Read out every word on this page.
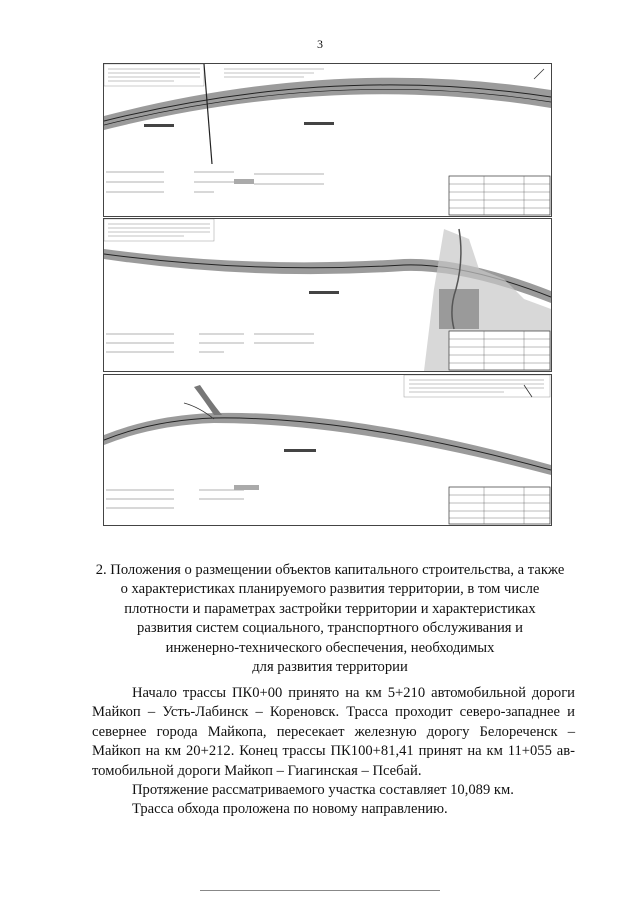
3
2. Положения о размещении объектов капитального строительства, а также
о характеристиках планируемого развития территории, в том числе
плотности и параметрах застройки территории и характеристиках
развития систем социального, транспортного обслуживания и
инженерно-технического обеспечения, необходимых
для развития территории
Начало трассы ПК0+00 принято на км 5+210 автомобильной дороги
Майкоп – Усть-Лабинск – Кореновск. Трасса проходит северо-западнее и
севернее города Майкопа, пересекает железную дорогу Белореченск –
Майкоп на км 20+212. Конец трассы ПК100+81,41 принят на км 11+055 ав-
томобильной дороги Майкоп – Гиагинская – Псебай.
Протяжение рассматриваемого участка составляет 10,089 км.
Трасса обхода проложена по новому направлению.
